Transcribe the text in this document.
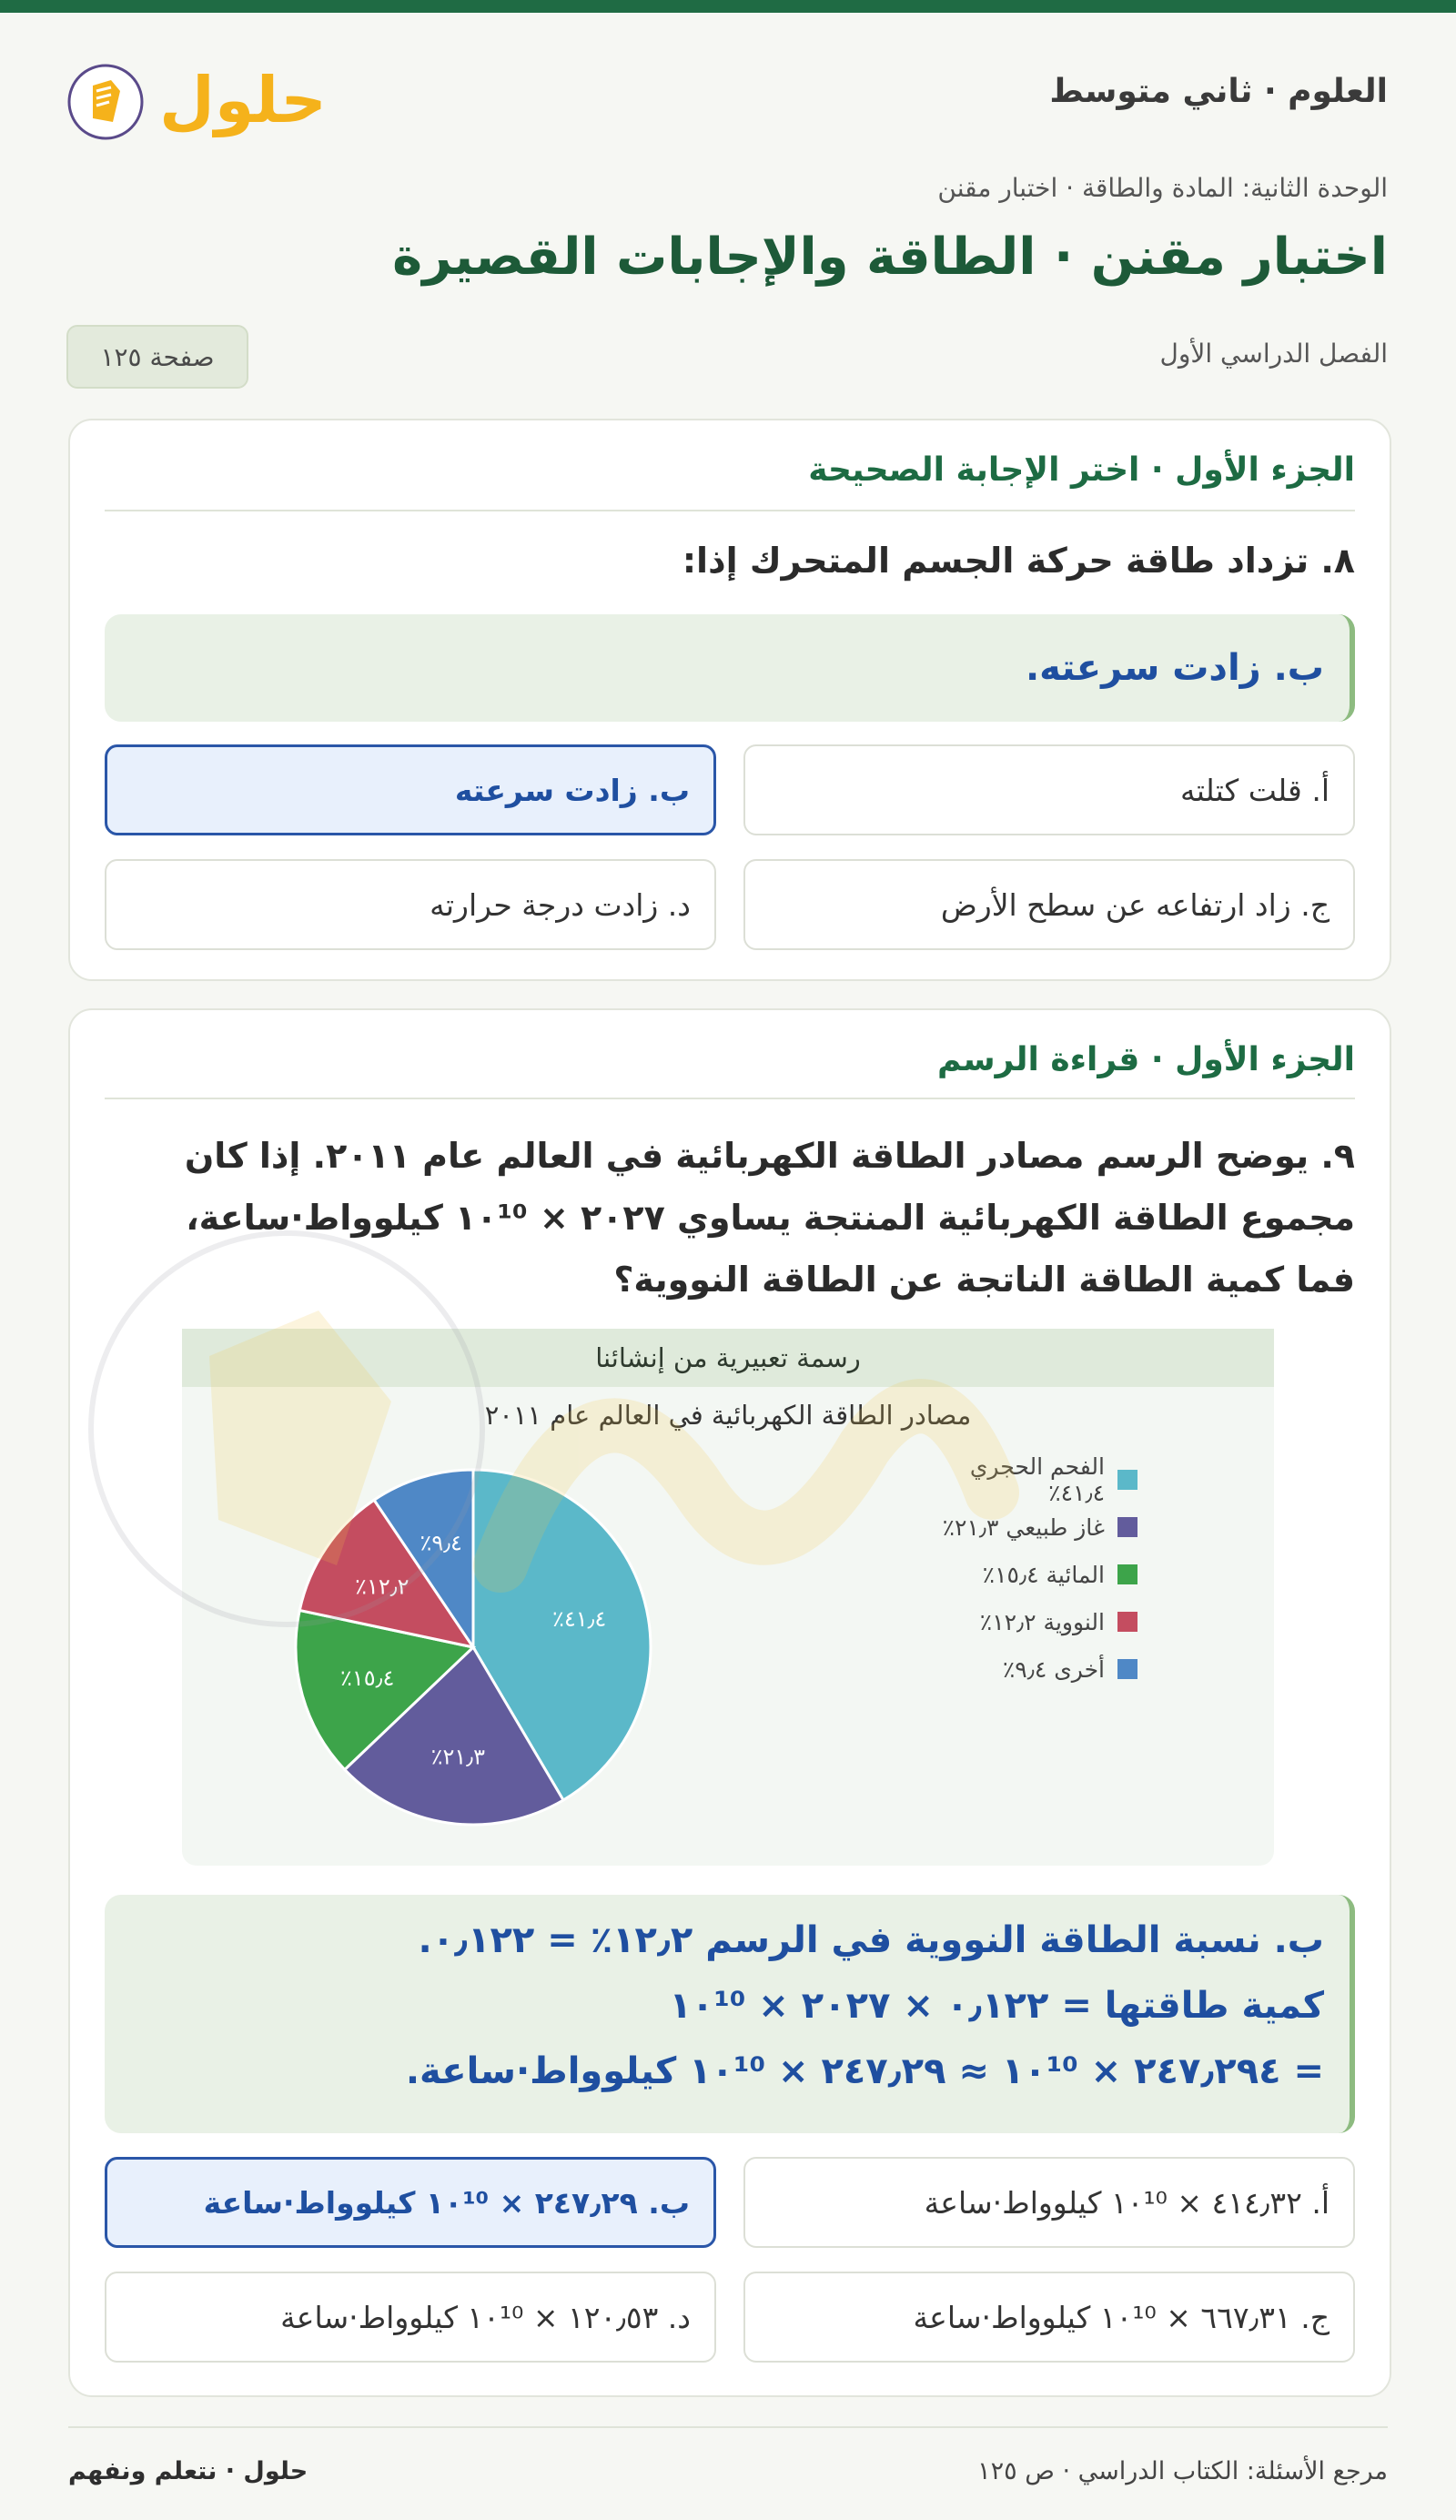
العلوم · ثاني متوسط
حلول
الوحدة الثانية: المادة والطاقة · اختبار مقنن
اختبار مقنن · الطاقة والإجابات القصيرة
الفصل الدراسي الأول
صفحة ١٢٥
الجزء الأول · اختر الإجابة الصحيحة
٨. تزداد طاقة حركة الجسم المتحرك إذا:
ب. زادت سرعته.
أ. قلت كتلته
ب. زادت سرعته
ج. زاد ارتفاعه عن سطح الأرض
د. زادت درجة حرارته
الجزء الأول · قراءة الرسم
٩. يوضح الرسم مصادر الطاقة الكهربائية في العالم عام ٢٠١١. إذا كان
مجموع الطاقة الكهربائية المنتجة يساوي ٢٠٢٧ × ١٠¹⁰ كيلوواط·ساعة،
فما كمية الطاقة الناتجة عن الطاقة النووية؟
رسمة تعبيرية من إنشائنا
مصادر الطاقة الكهربائية في العالم عام ٢٠١١
٤١٫٤٪
٢١٫٣٪
١٥٫٤٪
١٢٫٢٪
٩٫٤٪
الفحم الحجري ٤١٫٤٪
غاز طبيعي ٢١٫٣٪
المائية ١٥٫٤٪
النووية ١٢٫٢٪
أخرى ٩٫٤٪
ب. نسبة الطاقة النووية في الرسم ١٢٫٢٪ = ٠٫١٢٢.
كمية طاقتها = ٠٫١٢٢ × ٢٠٢٧ × ١٠¹⁰
= ٢٤٧٫٢٩٤ × ١٠¹⁰ ≈ ٢٤٧٫٢٩ × ١٠¹⁰ كيلوواط·ساعة.
أ. ٤١٤٫٣٢ × ١٠¹⁰ كيلوواط·ساعة
ب. ٢٤٧٫٢٩ × ١٠¹⁰ كيلوواط·ساعة
ج. ٦٦٧٫٣١ × ١٠¹⁰ كيلوواط·ساعة
د. ١٢٠٫٥٣ × ١٠¹⁰ كيلوواط·ساعة
حلول · نتعلم ونفهم	مرجع الأسئلة: الكتاب الدراسي · ص ١٢٥
